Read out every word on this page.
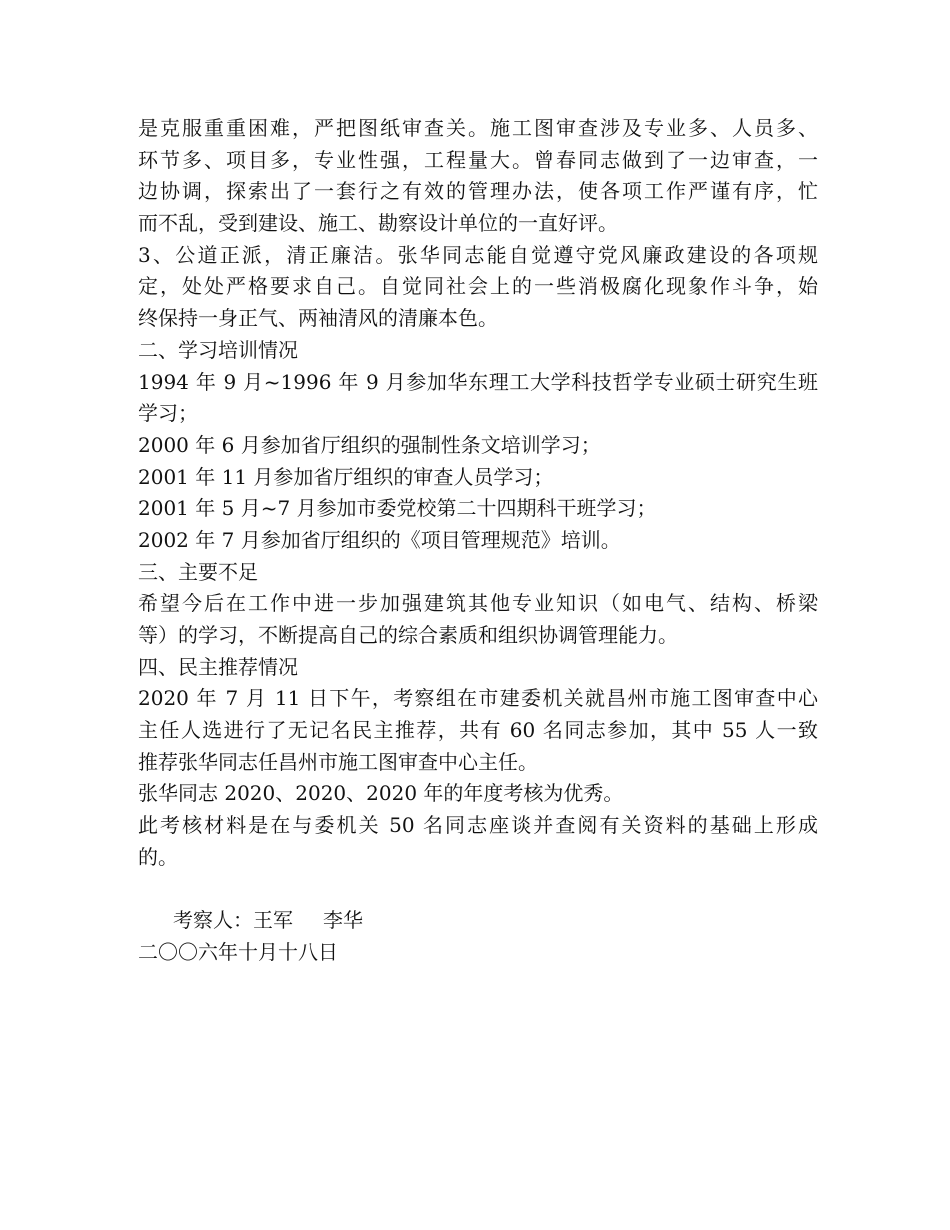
是克服重重困难，严把图纸审查关。施工图审查涉及专业多、人员多、
环节多、项目多，专业性强，工程量大。曾春同志做到了一边审查，一
边协调，探索出了一套行之有效的管理办法，使各项工作严谨有序，忙
而不乱，受到建设、施工、勘察设计单位的一直好评。
3、公道正派，清正廉洁。张华同志能自觉遵守党风廉政建设的各项规
定，处处严格要求自己。自觉同社会上的一些消极腐化现象作斗争，始
终保持一身正气、两袖清风的清廉本色。
二、学习培训情况
1994 年 9 月~1996 年 9 月参加华东理工大学科技哲学专业硕士研究生班
学习；
2000 年 6 月参加省厅组织的强制性条文培训学习；
2001 年 11 月参加省厅组织的审查人员学习；
2001 年 5 月~7 月参加市委党校第二十四期科干班学习；
2002 年 7 月参加省厅组织的《项目管理规范》培训。
三、主要不足
希望今后在工作中进一步加强建筑其他专业知识（如电气、结构、桥梁
等）的学习，不断提高自己的综合素质和组织协调管理能力。
四、民主推荐情况
2020 年 7 月 11 日下午，考察组在市建委机关就昌州市施工图审查中心
主任人选进行了无记名民主推荐，共有 60 名同志参加，其中 55 人一致
推荐张华同志任昌州市施工图审查中心主任。
张华同志 2020、2020、2020 年的年度考核为优秀。
此考核材料是在与委机关 50 名同志座谈并查阅有关资料的基础上形成
的。
考察人：王军 李华
二〇〇六年十月十八日
